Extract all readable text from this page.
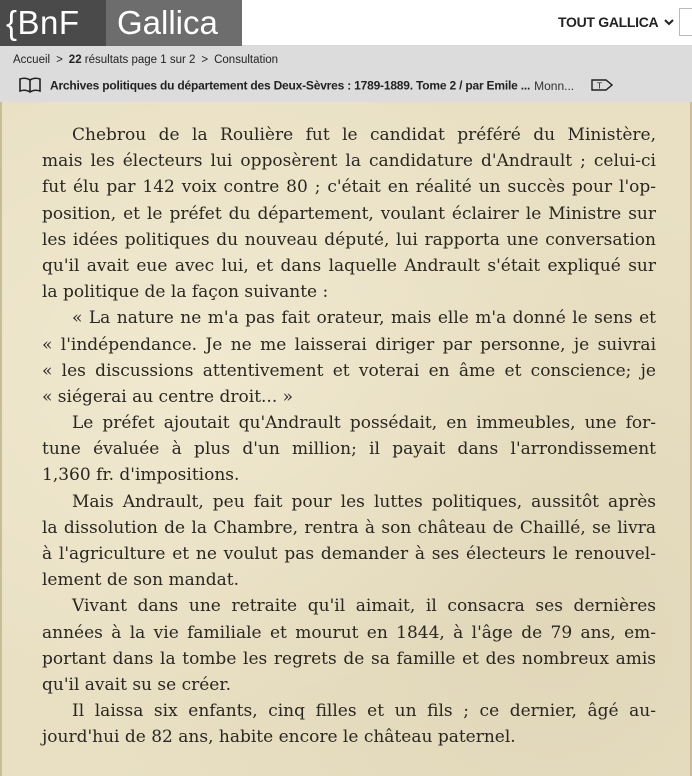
{BnF	Gallica	TOUT GALLICA
Accueil > 22 résultats page 1 sur 2 > Consultation
Archives politiques du département des Deux-Sèvres : 1789-1889. Tome 2 / par Emile ... Monn...	T
Chebrou de la Roulière fut le candidat préféré du Ministère,
mais les électeurs lui opposèrent la candidature d'Andrault ; celui-ci
fut élu par 142 voix contre 80 ; c'était en réalité un succès pour l'op-
position, et le préfet du département, voulant éclairer le Ministre sur
les idées politiques du nouveau député, lui rapporta une conversation
qu'il avait eue avec lui, et dans laquelle Andrault s'était expliqué sur
la politique de la façon suivante :
« La nature ne m'a pas fait orateur, mais elle m'a donné le sens et
« l'indépendance. Je ne me laisserai diriger par personne, je suivrai
« les discussions attentivement et voterai en âme et conscience; je
« siégerai au centre droit... »
Le préfet ajoutait qu'Andrault possédait, en immeubles, une for-
tune évaluée à plus d'un million; il payait dans l'arrondissement
1,360 fr. d'impositions.
Mais Andrault, peu fait pour les luttes politiques, aussitôt après
la dissolution de la Chambre, rentra à son château de Chaillé, se livra
à l'agriculture et ne voulut pas demander à ses électeurs le renouvel-
lement de son mandat.
Vivant dans une retraite qu'il aimait, il consacra ses dernières
années à la vie familiale et mourut en 1844, à l'âge de 79 ans, em-
portant dans la tombe les regrets de sa famille et des nombreux amis
qu'il avait su se créer.
Il laissa six enfants, cinq filles et un fils ; ce dernier, âgé au-
jourd'hui de 82 ans, habite encore le château paternel.
